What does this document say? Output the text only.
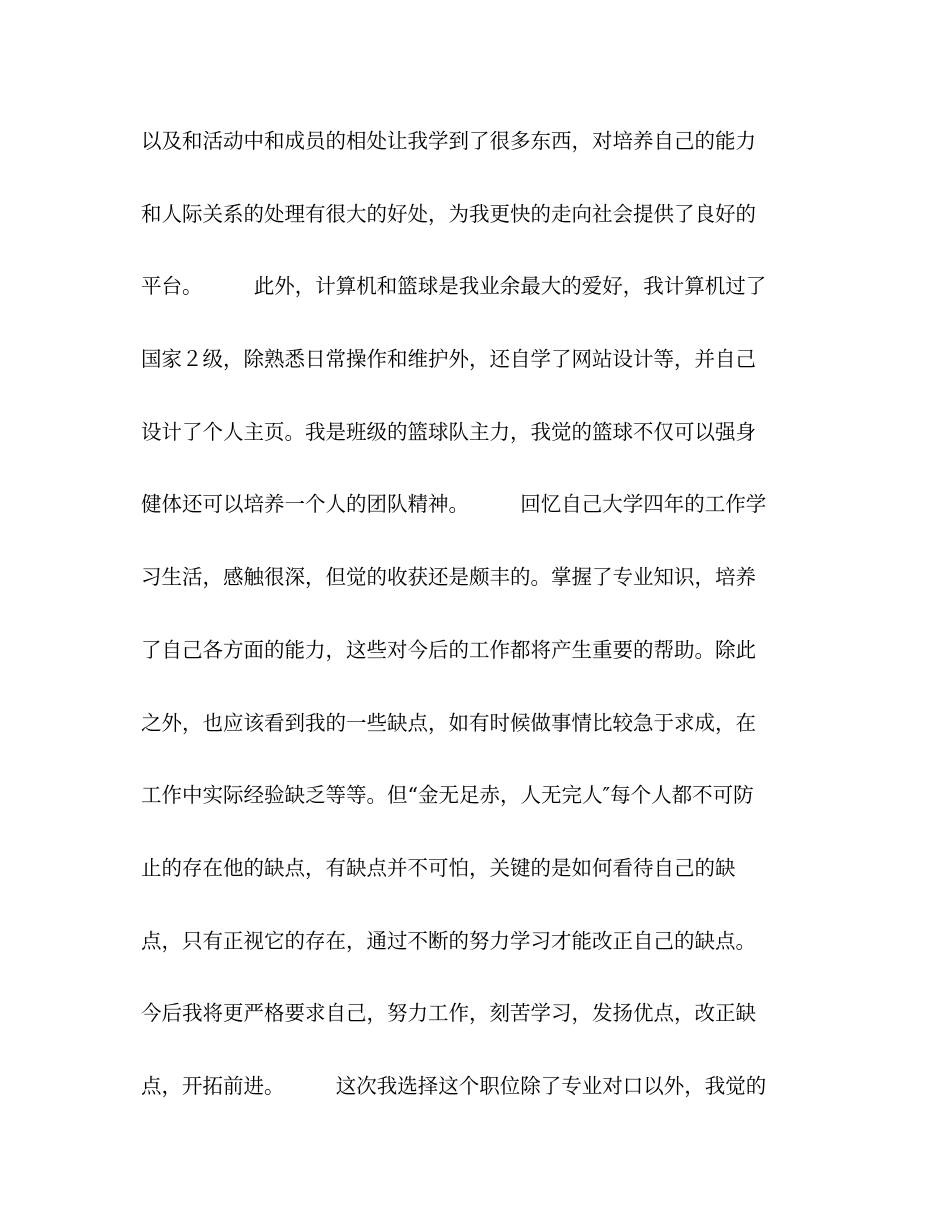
以及和活动中和成员的相处让我学到了很多东西，对培养自己的能力
和人际关系的处理有很大的好处，为我更快的走向社会提供了良好的
平台。　　　此外，计算机和篮球是我业余最大的爱好，我计算机过了
国家２级，除熟悉日常操作和维护外，还自学了网站设计等，并自己
设计了个人主页。我是班级的篮球队主力，我觉的篮球不仅可以强身
健体还可以培养一个人的团队精神。　　　回忆自己大学四年的工作学
习生活，感触很深，但觉的收获还是颇丰的。掌握了专业知识，培养
了自己各方面的能力，这些对今后的工作都将产生重要的帮助。除此
之外，也应该看到我的一些缺点，如有时候做事情比较急于求成，在
工作中实际经验缺乏等等。但“金无足赤，人无完人″每个人都不可防
止的存在他的缺点，有缺点并不可怕，关键的是如何看待自己的缺
点，只有正视它的存在，通过不断的努力学习才能改正自己的缺点。
今后我将更严格要求自己，努力工作，刻苦学习，发扬优点，改正缺
点，开拓前进。　　　这次我选择这个职位除了专业对口以外，我觉的
